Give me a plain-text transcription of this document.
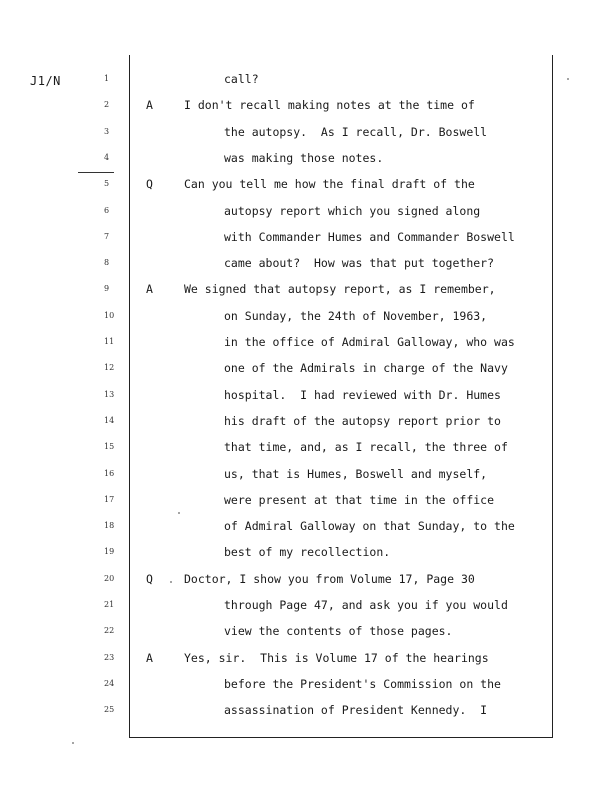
J1/N	1	call?
2	A	I don't recall making notes at the time of
3	the autopsy.  As I recall, Dr. Boswell
4	was making those notes.
5	Q	Can you tell me how the final draft of the
6	autopsy report which you signed along
7	with Commander Humes and Commander Boswell
8	came about?  How was that put together?
9	A	We signed that autopsy report, as I remember,
10	on Sunday, the 24th of November, 1963,
11	in the office of Admiral Galloway, who was
12	one of the Admirals in charge of the Navy
13	hospital.  I had reviewed with Dr. Humes
14	his draft of the autopsy report prior to
15	that time, and, as I recall, the three of
16	us, that is Humes, Boswell and myself,
17	were present at that time in the office
18	of Admiral Galloway on that Sunday, to the
19	best of my recollection.
20	Q	Doctor, I show you from Volume 17, Page 30
21	through Page 47, and ask you if you would
22	view the contents of those pages.
23	A	Yes, sir.  This is Volume 17 of the hearings
24	before the President's Commission on the
25	assassination of President Kennedy.  I
